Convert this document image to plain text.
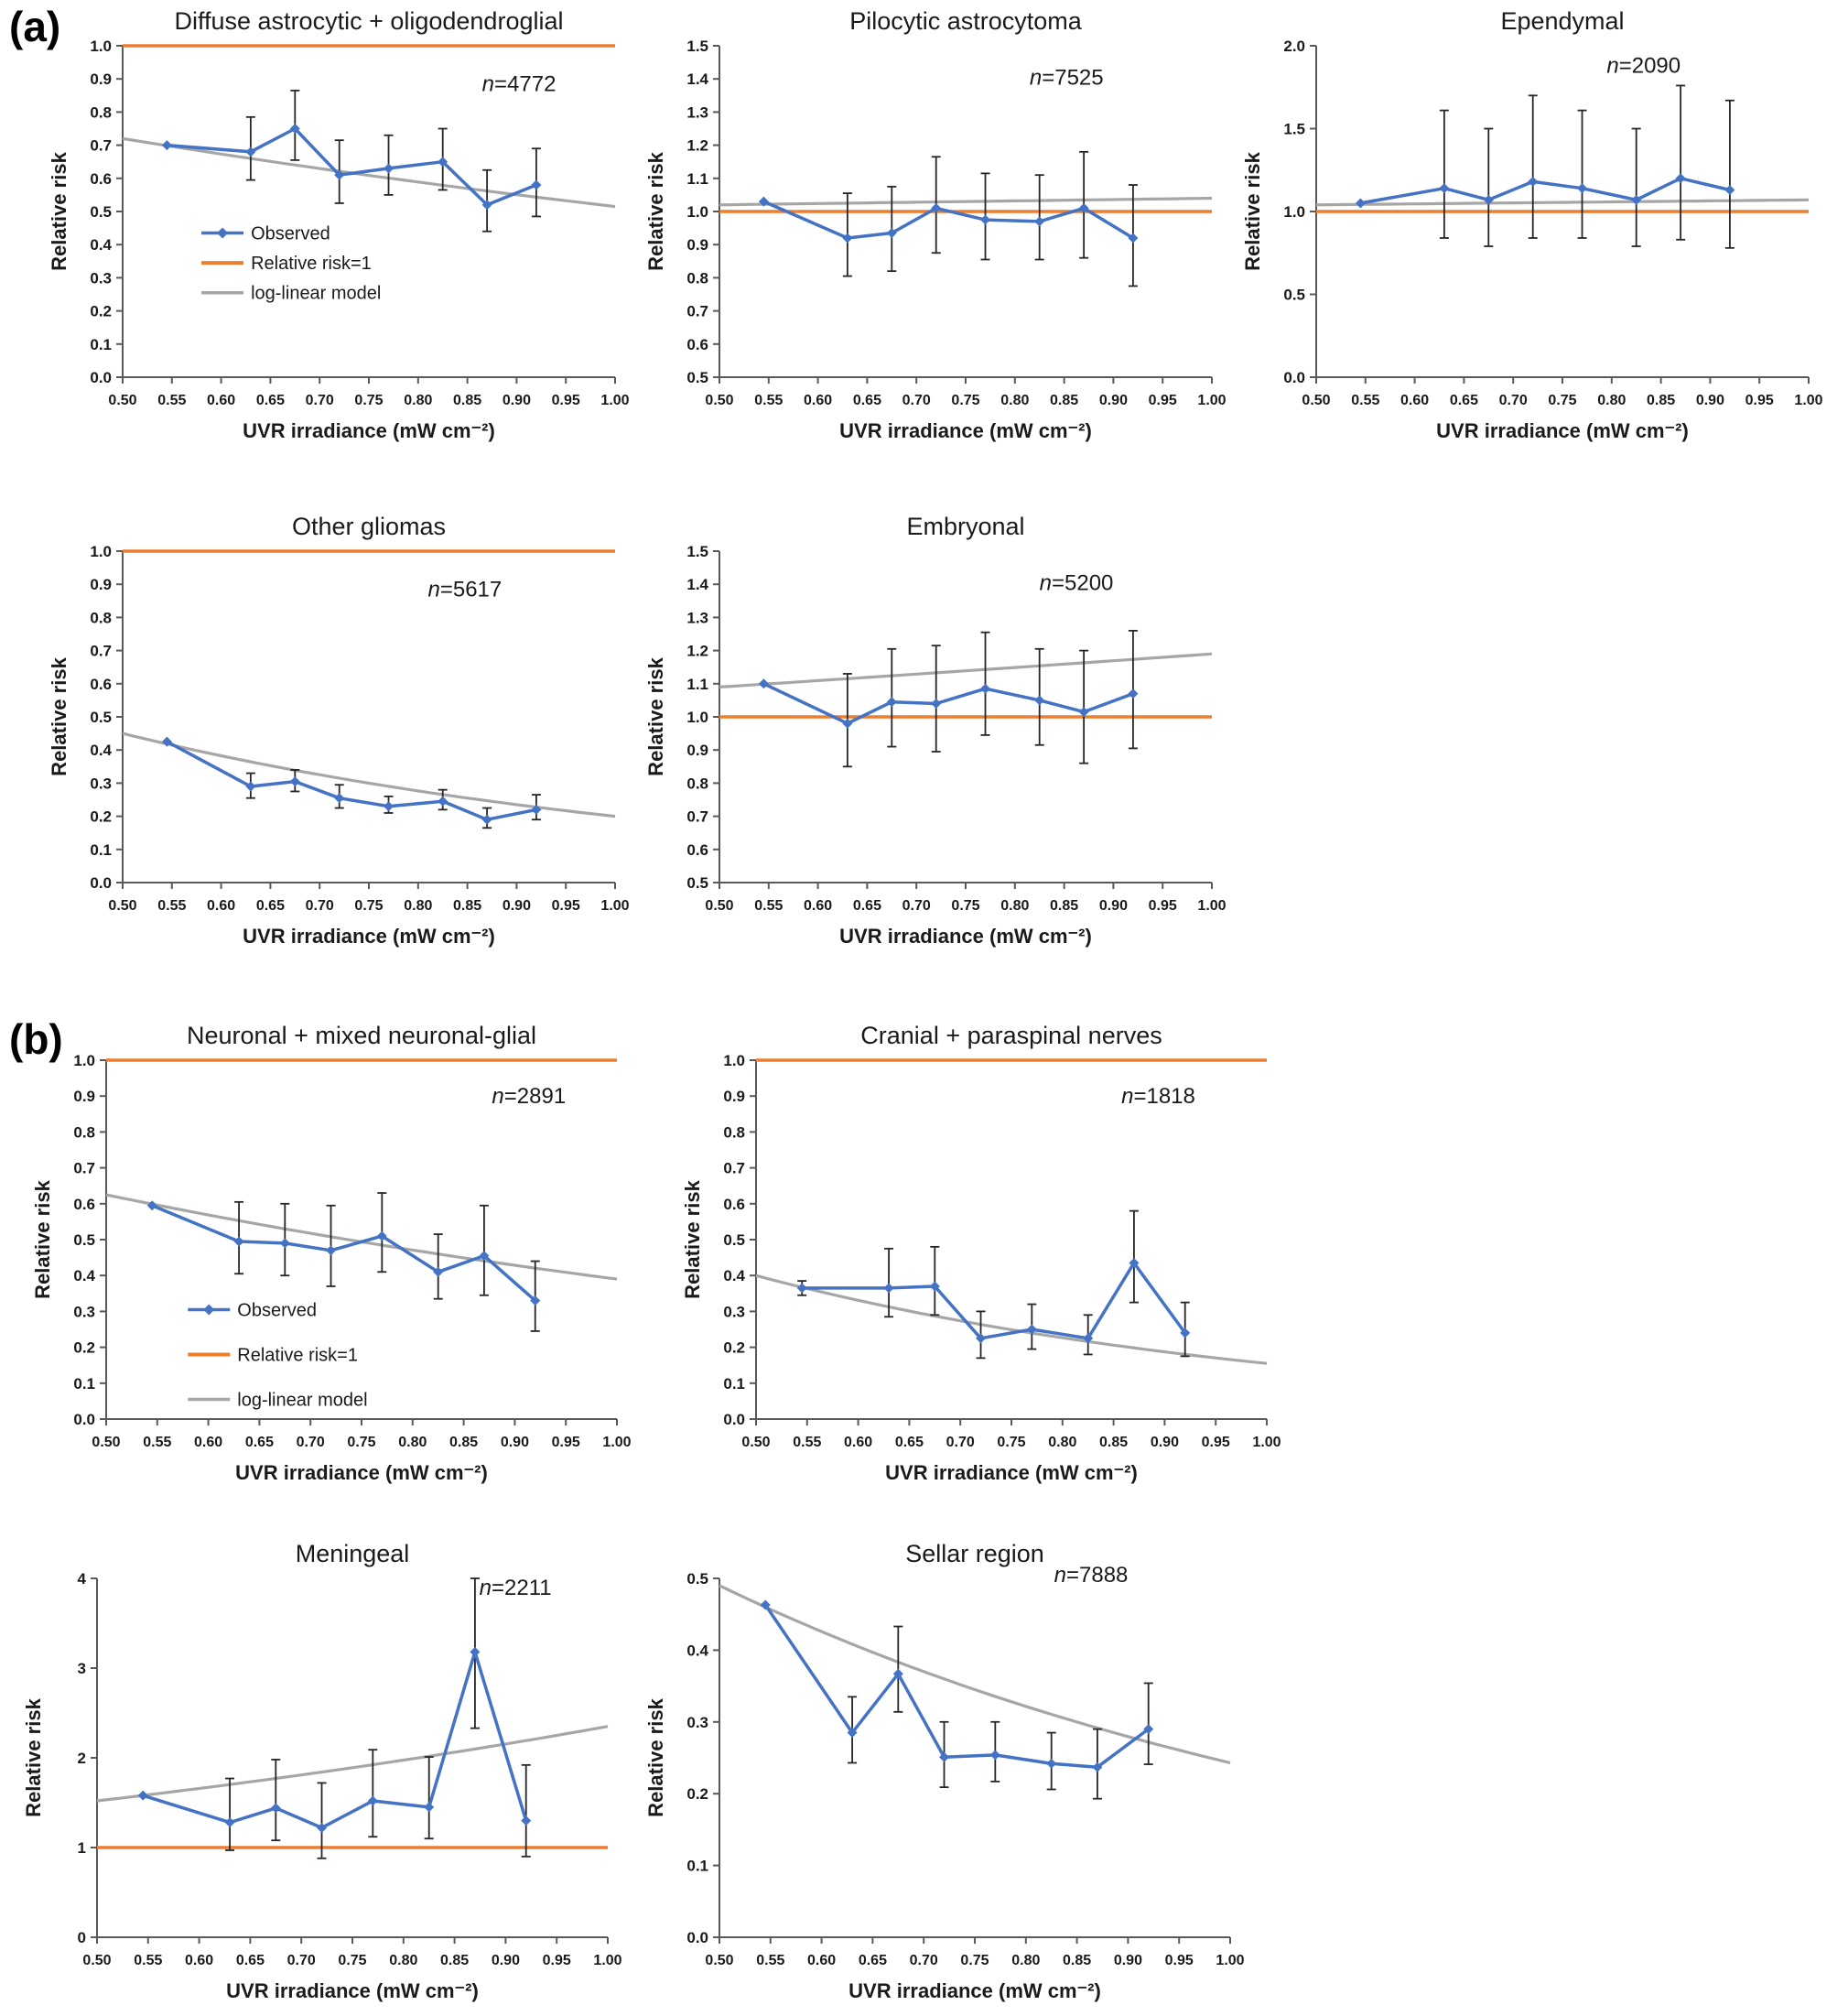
(a)
(b)
Diffuse astrocytic + oligodendroglial
1.0
0.9
0.8
0.7
0.6
0.5
0.4
0.3
0.2
0.1
0.0
0.50 0.55 0.60 0.65 0.70 0.75 0.80 0.85 0.90 0.95 1.00
UVR irradiance (mW cm⁻²)
Relative risk
n=4772
Observed
Relative risk=1
log-linear model
Pilocytic astrocytoma
1.5
1.4
1.3
1.2
1.1
1.0
0.9
0.8
0.7
0.6
0.5
0.50 0.55 0.60 0.65 0.70 0.75 0.80 0.85 0.90 0.95 1.00
UVR irradiance (mW cm⁻²)
Relative risk
n=7525
Ependymal
2.0
1.5
1.0
0.5
0.0
0.50 0.55 0.60 0.65 0.70 0.75 0.80 0.85 0.90 0.95 1.00
UVR irradiance (mW cm⁻²)
Relative risk
n=2090
Other gliomas
1.0
0.9
0.8
0.7
0.6
0.5
0.4
0.3
0.2
0.1
0.0
0.50 0.55 0.60 0.65 0.70 0.75 0.80 0.85 0.90 0.95 1.00
UVR irradiance (mW cm⁻²)
Relative risk
n=5617
Embryonal
1.5
1.4
1.3
1.2
1.1
1.0
0.9
0.8
0.7
0.6
0.5
0.50 0.55 0.60 0.65 0.70 0.75 0.80 0.85 0.90 0.95 1.00
UVR irradiance (mW cm⁻²)
Relative risk
n=5200
Neuronal + mixed neuronal-glial
1.0
0.9
0.8
0.7
0.6
0.5
0.4
0.3
0.2
0.1
0.0
0.50 0.55 0.60 0.65 0.70 0.75 0.80 0.85 0.90 0.95 1.00
UVR irradiance (mW cm⁻²)
Relative risk
n=2891
Observed
Relative risk=1
log-linear model
Cranial + paraspinal nerves
1.0
0.9
0.8
0.7
0.6
0.5
0.4
0.3
0.2
0.1
0.0
0.50 0.55 0.60 0.65 0.70 0.75 0.80 0.85 0.90 0.95 1.00
UVR irradiance (mW cm⁻²)
Relative risk
n=1818
Meningeal
4
3
2
1
0
0.50 0.55 0.60 0.65 0.70 0.75 0.80 0.85 0.90 0.95 1.00
UVR irradiance (mW cm⁻²)
Relative risk
n=2211
Sellar region
0.5
0.4
0.3
0.2
0.1
0.0
0.50 0.55 0.60 0.65 0.70 0.75 0.80 0.85 0.90 0.95 1.00
UVR irradiance (mW cm⁻²)
Relative risk
n=7888
